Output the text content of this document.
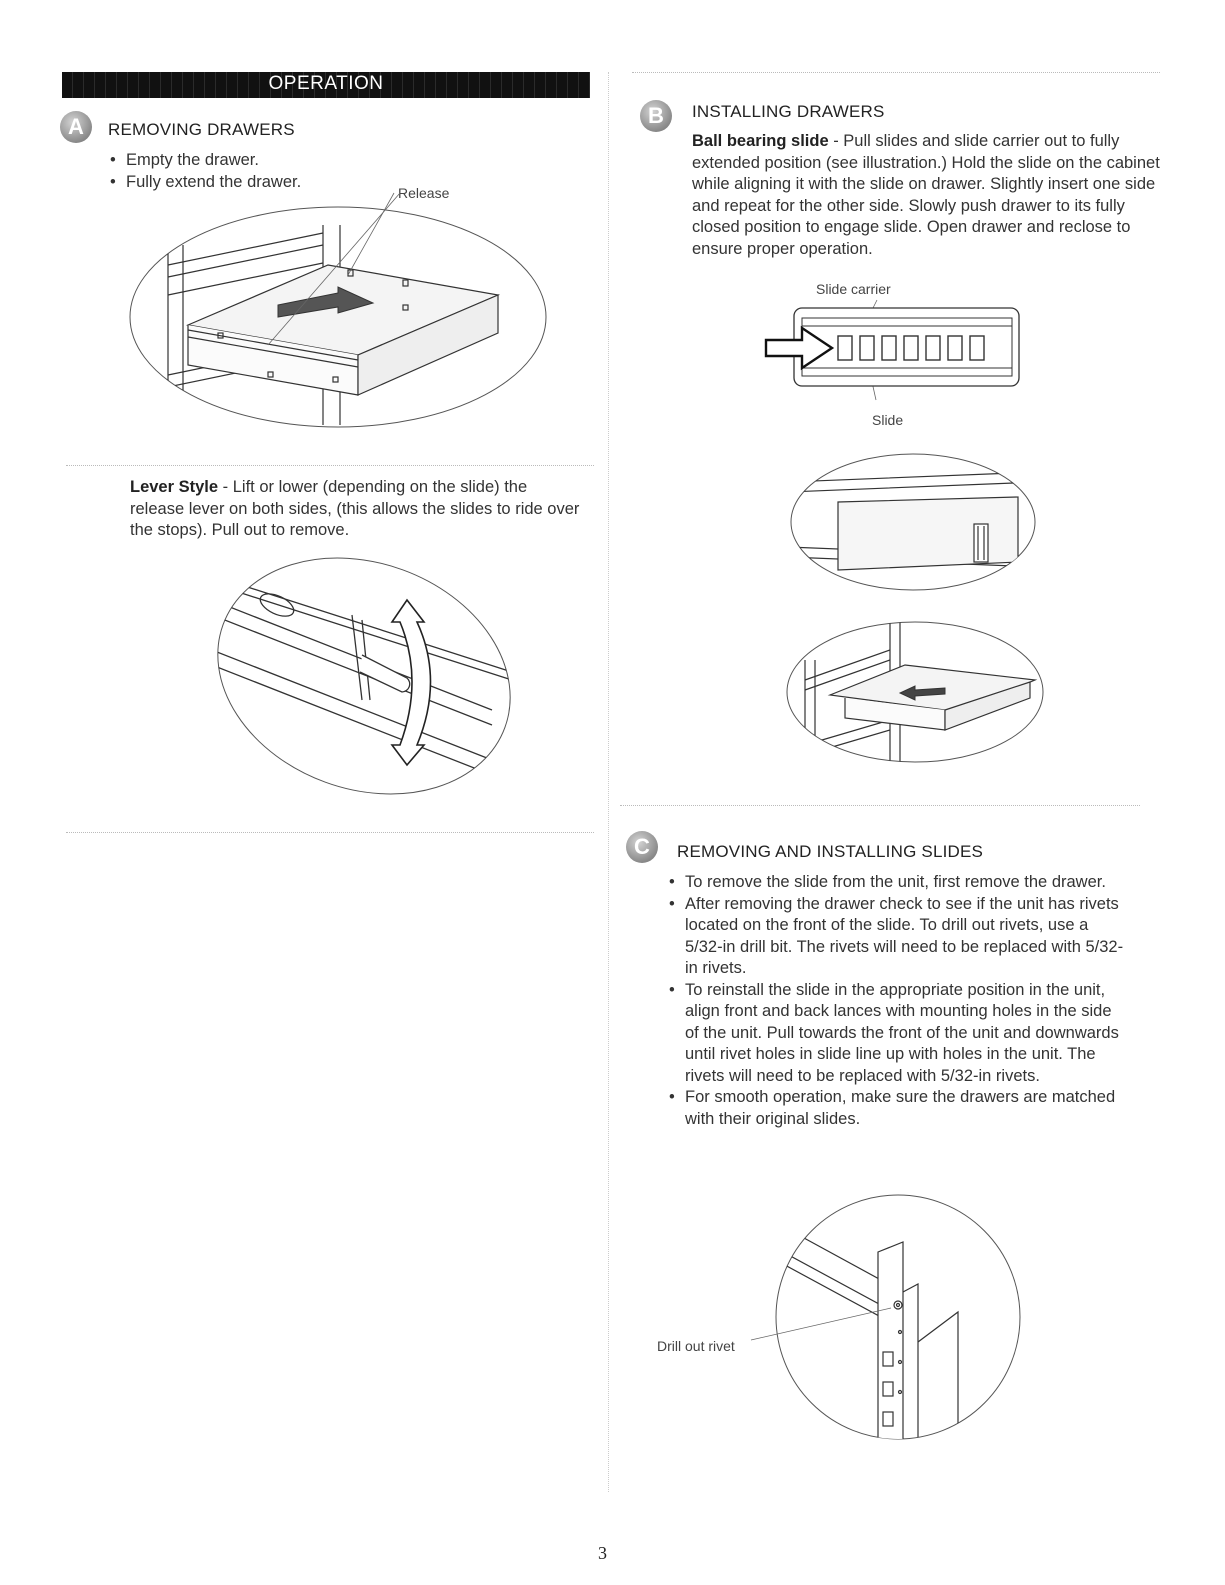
OPERATION
A	REMOVING DRAWERS
• Empty the drawer.
• Fully extend the drawer.
Release
Lever Style - Lift or lower (depending on the slide) the release lever on both sides, (this allows the slides to ride over the stops). Pull out to remove.
B	INSTALLING DRAWERS
Ball bearing slide - Pull slides and slide carrier out to fully extended position (see illustration.) Hold the slide on the cabinet while aligning it with the slide on drawer. Slightly insert one side and repeat for the other side. Slowly push drawer to its fully closed position to engage slide. Open drawer and reclose to ensure proper operation.
Slide carrier
Slide
C	REMOVING AND INSTALLING SLIDES
• To remove the slide from the unit, first remove the drawer.
• After removing the drawer check to see if the unit has rivets located on the front of the slide. To drill out rivets, use a 5/32-in drill bit. The rivets will need to be replaced with 5/32-in rivets.
• To reinstall the slide in the appropriate position in the unit, align front and back lances with mounting holes in the side of the unit. Pull towards the front of the unit and downwards until rivet holes in slide line up with holes in the unit. The rivets will need to be replaced with 5/32-in rivets.
• For smooth operation, make sure the drawers are matched with their original slides.
Drill out rivet
3
